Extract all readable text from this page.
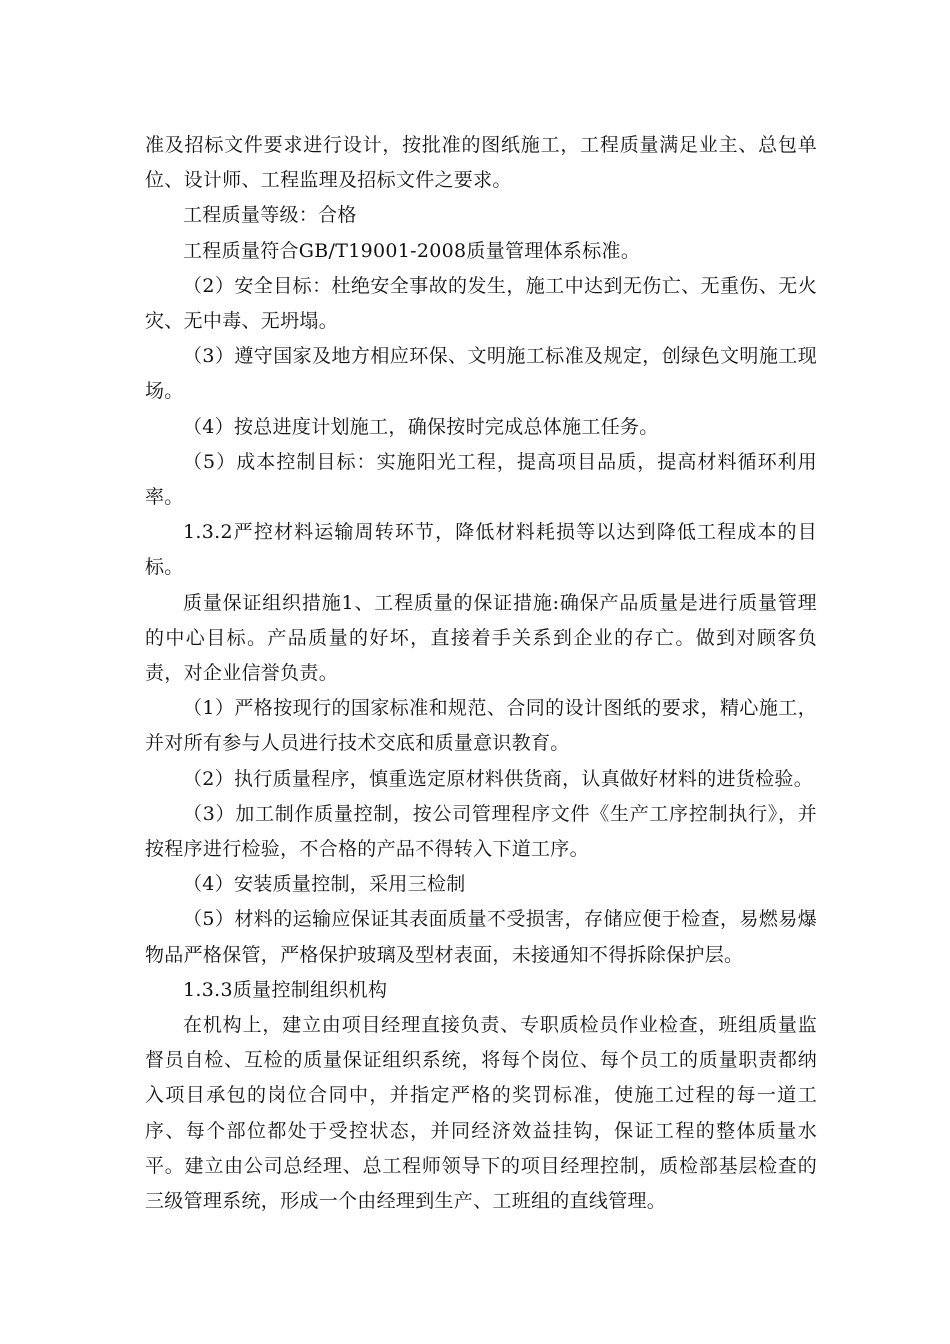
准及招标文件要求进行设计，按批准的图纸施工，工程质量满足业主、总包单位、设计师、工程监理及招标文件之要求。

工程质量等级：合格

工程质量符合GB/T19001-2008质量管理体系标准。

（2）安全目标：杜绝安全事故的发生，施工中达到无伤亡、无重伤、无火灾、无中毒、无坍塌。

（3）遵守国家及地方相应环保、文明施工标准及规定，创绿色文明施工现场。

（4）按总进度计划施工，确保按时完成总体施工任务。

（5）成本控制目标：实施阳光工程，提高项目品质，提高材料循环利用率。

1.3.2严控材料运输周转环节，降低材料耗损等以达到降低工程成本的目标。

质量保证组织措施1、工程质量的保证措施:确保产品质量是进行质量管理的中心目标。产品质量的好坏，直接着手关系到企业的存亡。做到对顾客负责，对企业信誉负责。

（1）严格按现行的国家标准和规范、合同的设计图纸的要求，精心施工，并对所有参与人员进行技术交底和质量意识教育。

（2）执行质量程序，慎重选定原材料供货商，认真做好材料的进货检验。

（3）加工制作质量控制，按公司管理程序文件《生产工序控制执行》，并按程序进行检验，不合格的产品不得转入下道工序。

（4）安装质量控制，采用三检制

（5）材料的运输应保证其表面质量不受损害，存储应便于检查，易燃易爆物品严格保管，严格保护玻璃及型材表面，未接通知不得拆除保护层。

1.3.3质量控制组织机构

在机构上，建立由项目经理直接负责、专职质检员作业检查，班组质量监督员自检、互检的质量保证组织系统，将每个岗位、每个员工的质量职责都纳入项目承包的岗位合同中，并指定严格的奖罚标准，使施工过程的每一道工序、每个部位都处于受控状态，并同经济效益挂钩，保证工程的整体质量水平。建立由公司总经理、总工程师领导下的项目经理控制，质检部基层检查的三级管理系统，形成一个由经理到生产、工班组的直线管理。
